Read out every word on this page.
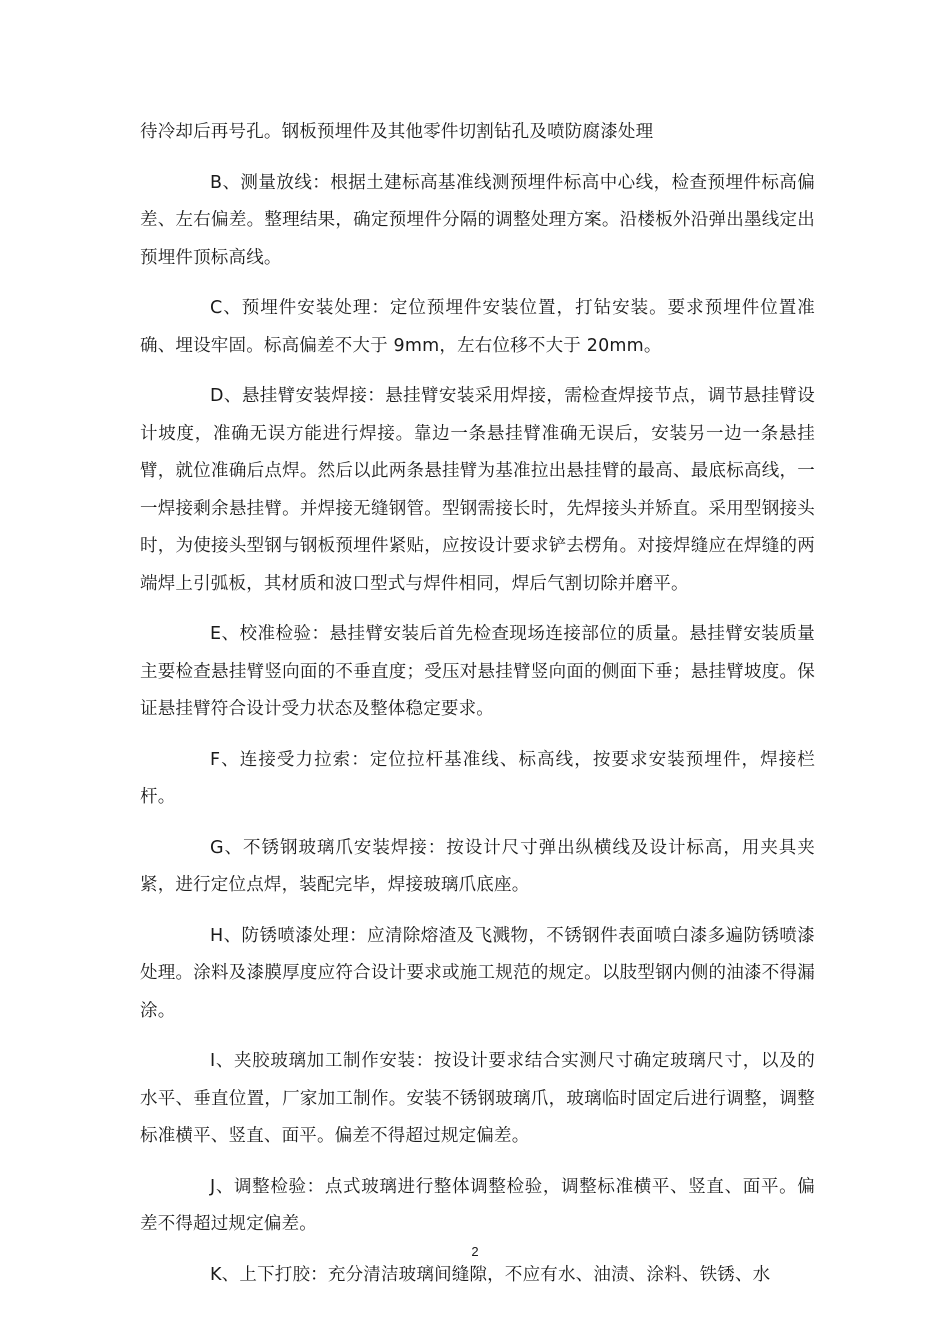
待冷却后再号孔。钢板预埋件及其他零件切割钻孔及喷防腐漆处理

B、测量放线：根据土建标高基准线测预埋件标高中心线，检查预埋件标高偏差、左右偏差。整理结果，确定预埋件分隔的调整处理方案。沿楼板外沿弹出墨线定出预埋件顶标高线。

C、预埋件安装处理：定位预埋件安装位置，打钻安装。要求预埋件位置准确、埋设牢固。标高偏差不大于 9mm，左右位移不大于 20mm。

D、悬挂臂安装焊接：悬挂臂安装采用焊接，需检查焊接节点，调节悬挂臂设计坡度，准确无误方能进行焊接。靠边一条悬挂臂准确无误后，安装另一边一条悬挂臂，就位准确后点焊。然后以此两条悬挂臂为基准拉出悬挂臂的最高、最底标高线，一一焊接剩余悬挂臂。并焊接无缝钢管。型钢需接长时，先焊接头并矫直。采用型钢接头时，为使接头型钢与钢板预埋件紧贴，应按设计要求铲去楞角。对接焊缝应在焊缝的两端焊上引弧板，其材质和波口型式与焊件相同，焊后气割切除并磨平。

E、校准检验：悬挂臂安装后首先检查现场连接部位的质量。悬挂臂安装质量主要检查悬挂臂竖向面的不垂直度；受压对悬挂臂竖向面的侧面下垂；悬挂臂坡度。保证悬挂臂符合设计受力状态及整体稳定要求。

F、连接受力拉索：定位拉杆基准线、标高线，按要求安装预埋件，焊接栏杆。

G、不锈钢玻璃爪安装焊接：按设计尺寸弹出纵横线及设计标高，用夹具夹紧，进行定位点焊，装配完毕，焊接玻璃爪底座。

H、防锈喷漆处理：应清除熔渣及飞溅物，不锈钢件表面喷白漆多遍防锈喷漆处理。涂料及漆膜厚度应符合设计要求或施工规范的规定。以肢型钢内侧的油漆不得漏涂。

I、夹胶玻璃加工制作安装：按设计要求结合实测尺寸确定玻璃尺寸，以及的水平、垂直位置，厂家加工制作。安装不锈钢玻璃爪，玻璃临时固定后进行调整，调整标准横平、竖直、面平。偏差不得超过规定偏差。

J、调整检验：点式玻璃进行整体调整检验，调整标准横平、竖直、面平。偏差不得超过规定偏差。

K、上下打胶：充分清洁玻璃间缝隙，不应有水、油渍、涂料、铁锈、水

2
